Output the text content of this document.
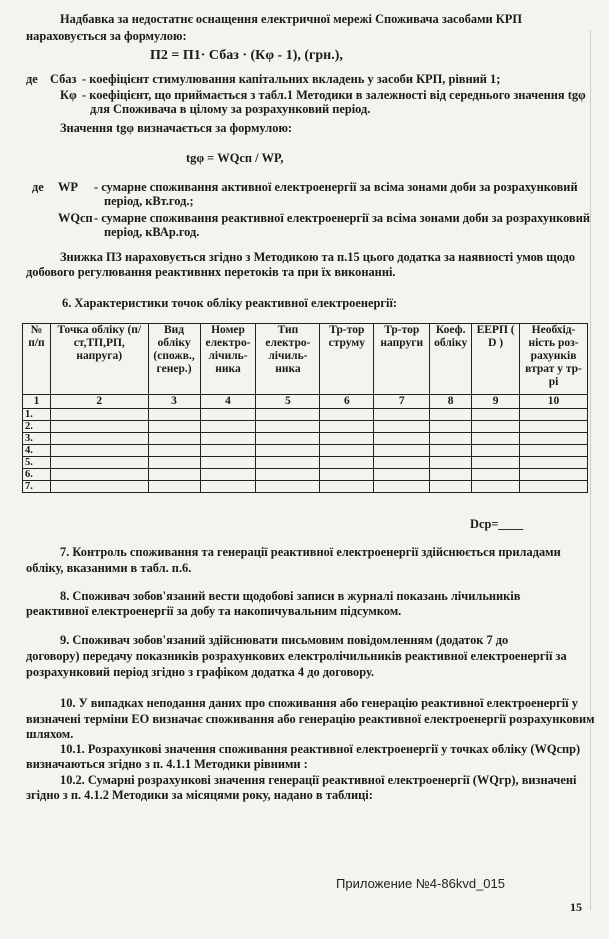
Надбавка за недостатнє оснащення електричної мережі Споживача засобами КРП
нараховується за формулою:
П2 = П1· Сбаз · (Кφ - 1), (грн.),
де Сбаз - коефіцієнт стимулювання капітальних вкладень у засоби КРП, рівний 1;
Кφ - коефіцієнт, що приймається з табл.1 Методики в залежності від середнього значення tgφ
для Споживача в цілому за розрахунковий період.
Значення tgφ визначається за формулою:
tgφ = WQсп / WP,
де WP - сумарне споживання активної електроенергії за всіма зонами доби за розрахунковий
період, кВт.год.;
WQсп - сумарне споживання реактивної електроенергії за всіма зонами доби за розрахунковий
період, кВАр.год.
Знижка П3 нараховується згідно з Методикою та п.15 цього додатка за наявності умов щодо
добового регулювання реактивних перетоків та при їх виконанні.
6. Характеристики точок обліку реактивної електроенергії:
№ п/п	Точка обліку (п/ст,ТП,РП, напруга)	Вид обліку (спожв., генер.)	Номер електро-лічиль-ника	Тип електро-лічиль-ника	Тр-тор струму	Тр-тор напруги	Коеф. обліку	ЕЕРП ( D )	Необхід-ність роз-рахунків втрат у тр-рі
1	2	3	4	5	6	7	8	9	10
1.									
2.									
3.									
4.									
5.									
6.									
7.									
Dср=____
7. Контроль споживання та генерації реактивної електроенергії здійснюється приладами
обліку, вказаними в табл. п.6.
8. Споживач зобов'язаний вести щодобові записи в журналі показань лічильників
реактивної електроенергії за добу та накопичувальним підсумком.
9. Споживач зобов'язаний здійснювати письмовим повідомленням (додаток 7 до
договору) передачу показників розрахункових електролічильників реактивної електроенергії за
розрахунковий період згідно з графіком додатка 4 до договору.
10. У випадках неподання даних про споживання або генерацію реактивної електроенергії у
визначені терміни ЕО визначає споживання або генерацію реактивної електроенергії розрахунковим
шляхом.
10.1. Розрахункові значення споживання реактивної електроенергії у точках обліку (WQспр)
визначаються згідно з п. 4.1.1 Методики рівними :
10.2. Сумарні розрахункові значення генерації реактивної електроенергії (WQгр), визначені
згідно з п. 4.1.2 Методики за місяцями року, надано в таблиці:
Приложение №4-86kvd_015
15
